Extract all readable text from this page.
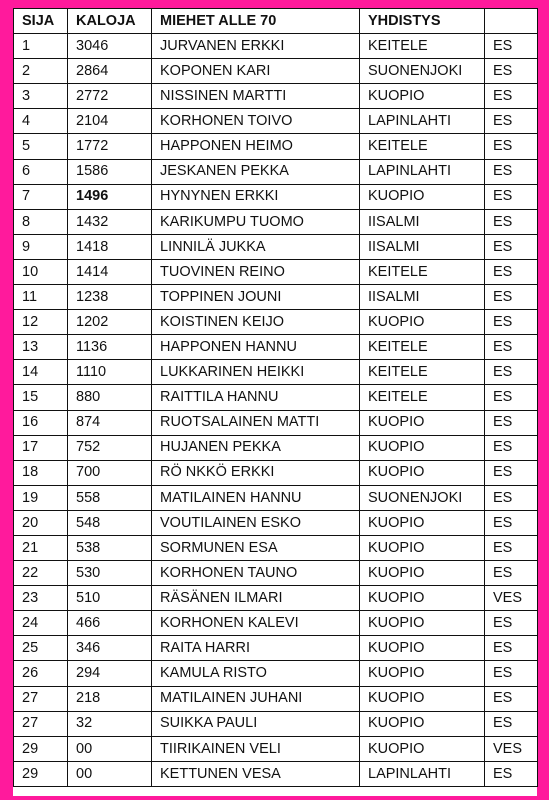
SIJA	KALOJA	MIEHET ALLE 70	YHDISTYS	
1	3046	JURVANEN ERKKI	KEITELE	ES
2	2864	KOPONEN KARI	SUONENJOKI	ES
3	2772	NISSINEN MARTTI	KUOPIO	ES
4	2104	KORHONEN TOIVO	LAPINLAHTI	ES
5	1772	HAPPONEN HEIMO	KEITELE	ES
6	1586	JESKANEN PEKKA	LAPINLAHTI	ES
7	1496	HYNYNEN ERKKI	KUOPIO	ES
8	1432	KARIKUMPU TUOMO	IISALMI	ES
9	1418	LINNILÄ JUKKA	IISALMI	ES
10	1414	TUOVINEN REINO	KEITELE	ES
11	1238	TOPPINEN JOUNI	IISALMI	ES
12	1202	KOISTINEN KEIJO	KUOPIO	ES
13	1136	HAPPONEN HANNU	KEITELE	ES
14	1110	LUKKARINEN HEIKKI	KEITELE	ES
15	880	RAITTILA HANNU	KEITELE	ES
16	874	RUOTSALAINEN MATTI	KUOPIO	ES
17	752	HUJANEN PEKKA	KUOPIO	ES
18	700	RÖ NKKÖ ERKKI	KUOPIO	ES
19	558	MATILAINEN HANNU	SUONENJOKI	ES
20	548	VOUTILAINEN ESKO	KUOPIO	ES
21	538	SORMUNEN ESA	KUOPIO	ES
22	530	KORHONEN TAUNO	KUOPIO	ES
23	510	RÄSÄNEN ILMARI	KUOPIO	VES
24	466	KORHONEN KALEVI	KUOPIO	ES
25	346	RAITA HARRI	KUOPIO	ES
26	294	KAMULA RISTO	KUOPIO	ES
27	218	MATILAINEN JUHANI	KUOPIO	ES
27	32	SUIKKA PAULI	KUOPIO	ES
29	00	TIIRIKAINEN VELI	KUOPIO	VES
29	00	KETTUNEN VESA	LAPINLAHTI	ES
